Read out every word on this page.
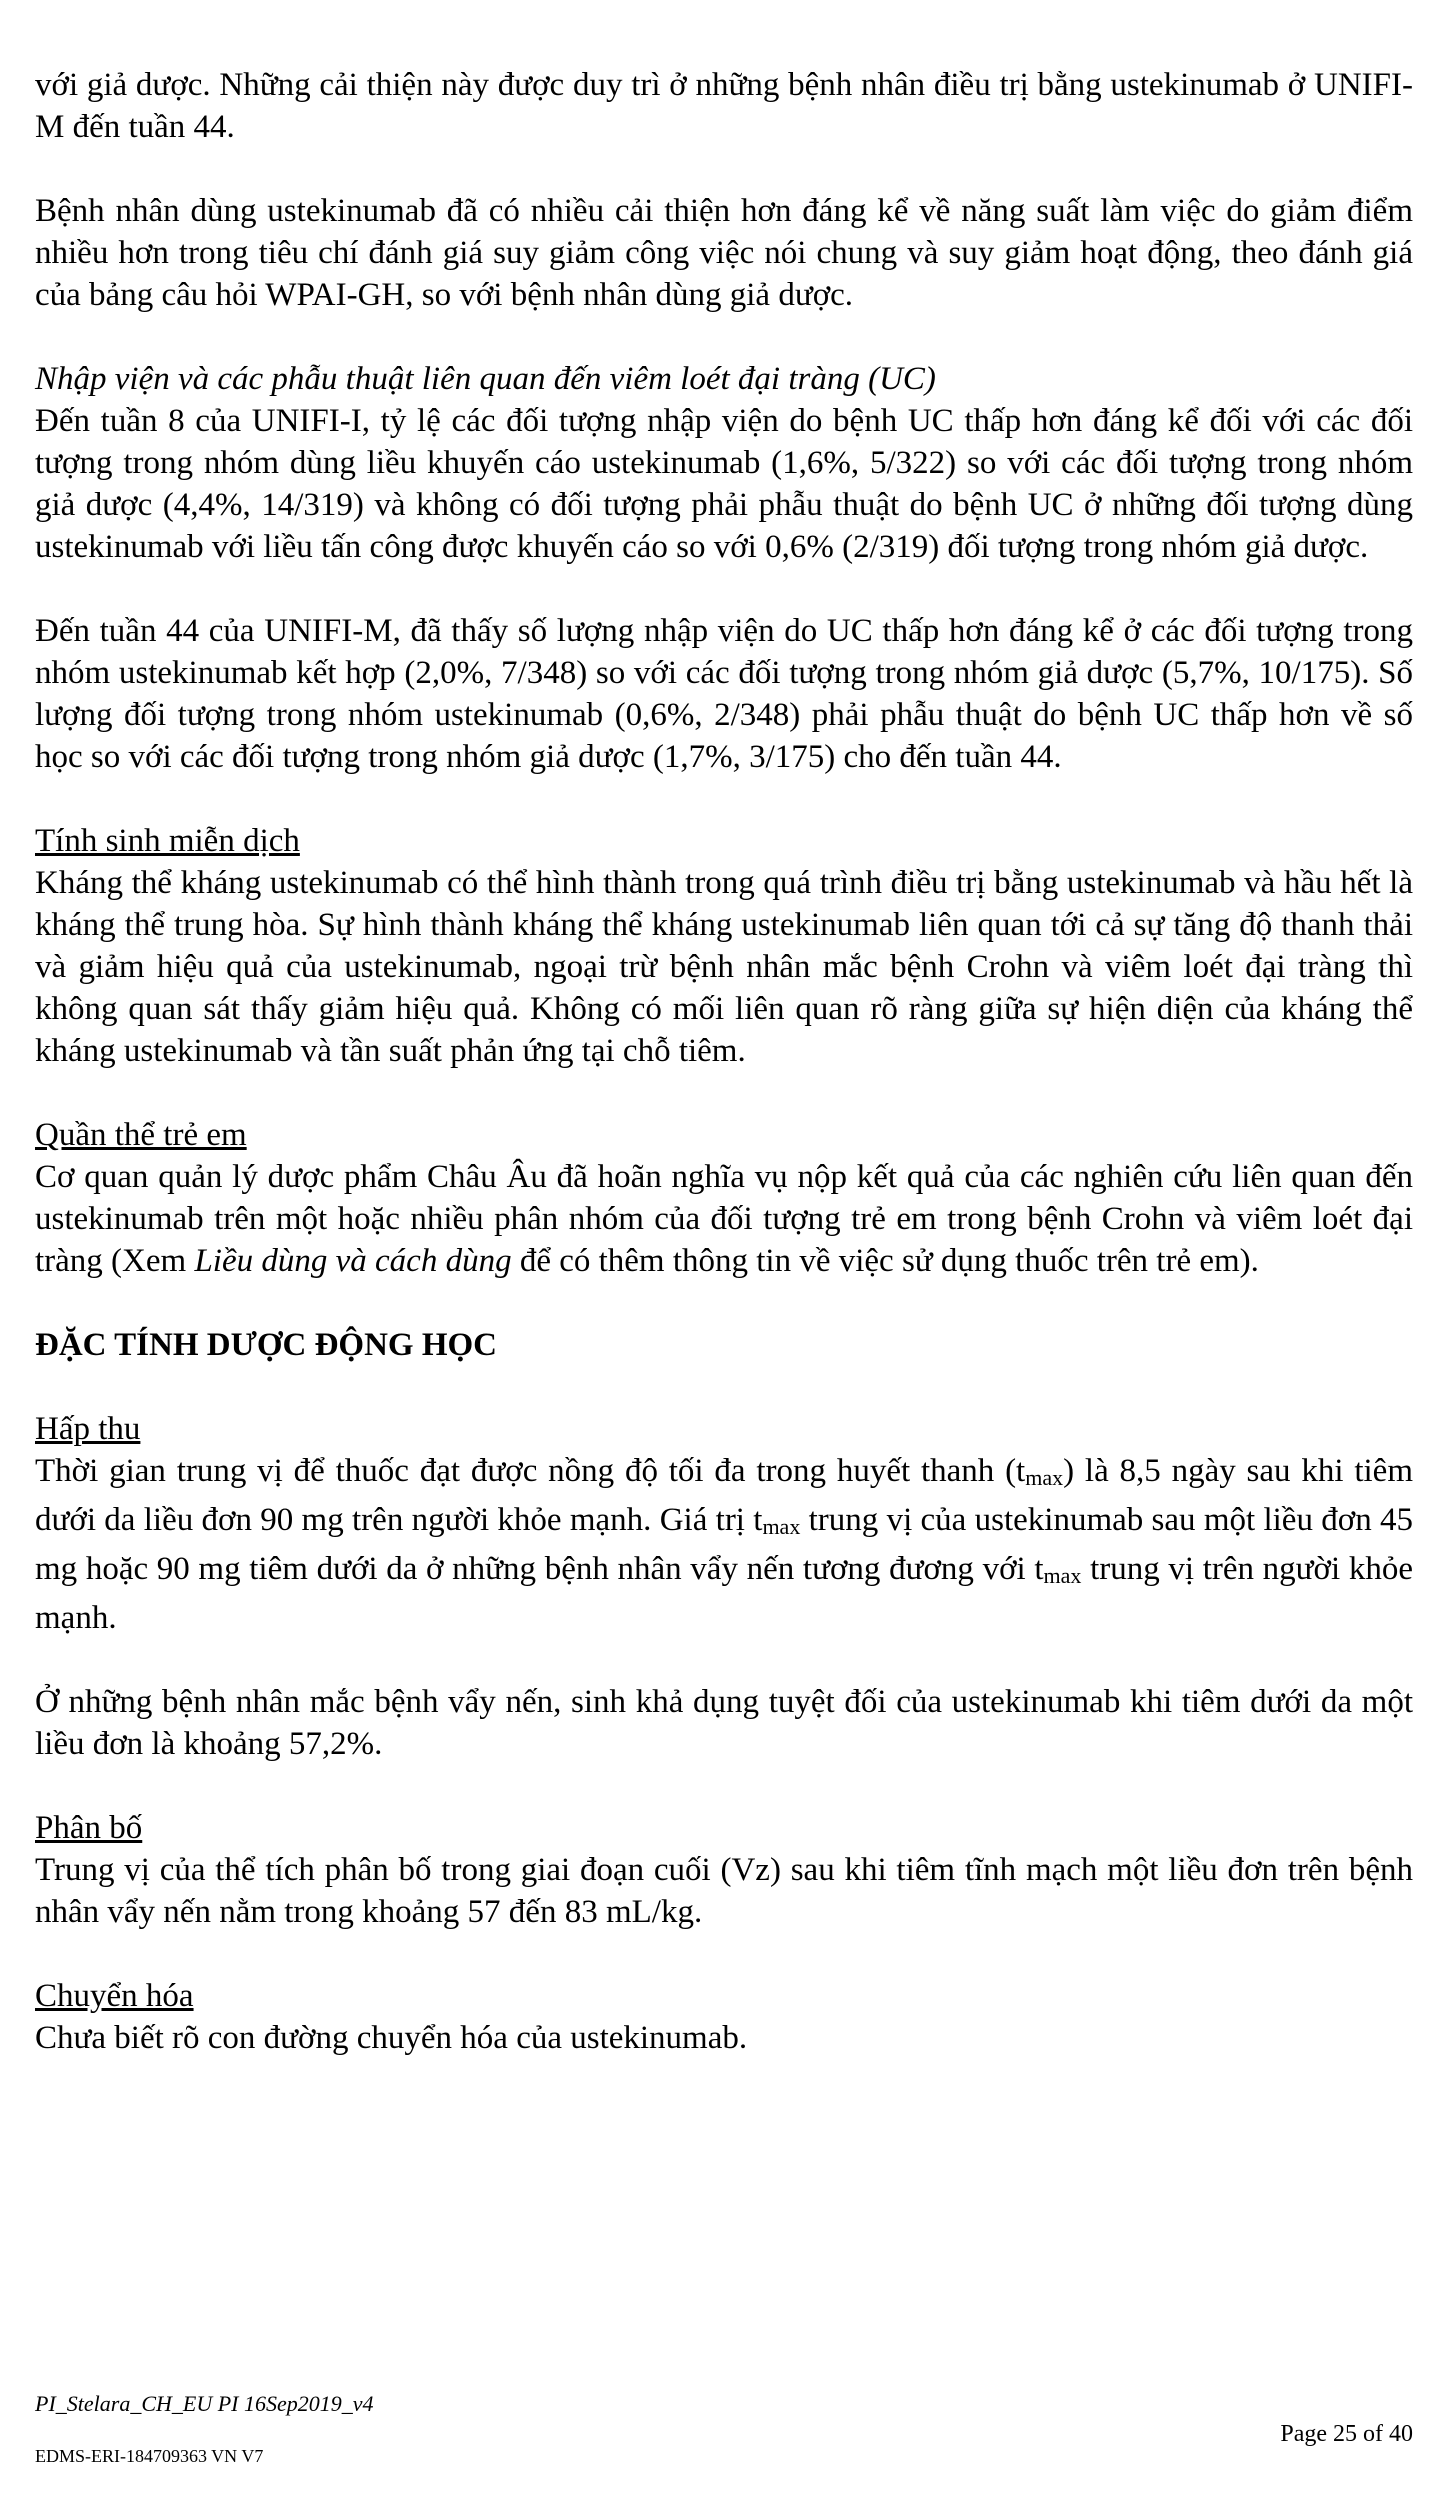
với giả dược. Những cải thiện này được duy trì ở những bệnh nhân điều trị bằng ustekinumab ở UNIFI-M đến tuần 44.

Bệnh nhân dùng ustekinumab đã có nhiều cải thiện hơn đáng kể về năng suất làm việc do giảm điểm nhiều hơn trong tiêu chí đánh giá suy giảm công việc nói chung và suy giảm hoạt động, theo đánh giá của bảng câu hỏi WPAI-GH, so với bệnh nhân dùng giả dược.

Nhập viện và các phẫu thuật liên quan đến viêm loét đại tràng (UC)

Đến tuần 8 của UNIFI-I, tỷ lệ các đối tượng nhập viện do bệnh UC thấp hơn đáng kể đối với các đối tượng trong nhóm dùng liều khuyến cáo ustekinumab (1,6%, 5/322) so với các đối tượng trong nhóm giả dược (4,4%, 14/319) và không có đối tượng phải phẫu thuật do bệnh UC ở những đối tượng dùng ustekinumab với liều tấn công được khuyến cáo so với 0,6% (2/319) đối tượng trong nhóm giả dược.

Đến tuần 44 của UNIFI-M, đã thấy số lượng nhập viện do UC thấp hơn đáng kể ở các đối tượng trong nhóm ustekinumab kết hợp (2,0%, 7/348) so với các đối tượng trong nhóm giả dược (5,7%, 10/175). Số lượng đối tượng trong nhóm ustekinumab (0,6%, 2/348) phải phẫu thuật do bệnh UC thấp hơn về số học so với các đối tượng trong nhóm giả dược (1,7%, 3/175) cho đến tuần 44.

Tính sinh miễn dịch

Kháng thể kháng ustekinumab có thể hình thành trong quá trình điều trị bằng ustekinumab và hầu hết là kháng thể trung hòa. Sự hình thành kháng thể kháng ustekinumab liên quan tới cả sự tăng độ thanh thải và giảm hiệu quả của ustekinumab, ngoại trừ bệnh nhân mắc bệnh Crohn và viêm loét đại tràng thì không quan sát thấy giảm hiệu quả. Không có mối liên quan rõ ràng giữa sự hiện diện của kháng thể kháng ustekinumab và tần suất phản ứng tại chỗ tiêm.

Quần thể trẻ em

Cơ quan quản lý dược phẩm Châu Âu đã hoãn nghĩa vụ nộp kết quả của các nghiên cứu liên quan đến ustekinumab trên một hoặc nhiều phân nhóm của đối tượng trẻ em trong bệnh Crohn và viêm loét đại tràng (Xem Liều dùng và cách dùng để có thêm thông tin về việc sử dụng thuốc trên trẻ em).

ĐẶC TÍNH DƯỢC ĐỘNG HỌC

Hấp thu

Thời gian trung vị để thuốc đạt được nồng độ tối đa trong huyết thanh (tmax) là 8,5 ngày sau khi tiêm dưới da liều đơn 90 mg trên người khỏe mạnh. Giá trị tmax trung vị của ustekinumab sau một liều đơn 45 mg hoặc 90 mg tiêm dưới da ở những bệnh nhân vẩy nến tương đương với tmax trung vị trên người khỏe mạnh.

Ở những bệnh nhân mắc bệnh vẩy nến, sinh khả dụng tuyệt đối của ustekinumab khi tiêm dưới da một liều đơn là khoảng 57,2%.

Phân bố

Trung vị của thể tích phân bố trong giai đoạn cuối (Vz) sau khi tiêm tĩnh mạch một liều đơn trên bệnh nhân vẩy nến nằm trong khoảng 57 đến 83 mL/kg.

Chuyển hóa

Chưa biết rõ con đường chuyển hóa của ustekinumab.

PI_Stelara_CH_EU PI 16Sep2019_v4
EDMS-ERI-184709363 VN V7
Page 25 of 40
